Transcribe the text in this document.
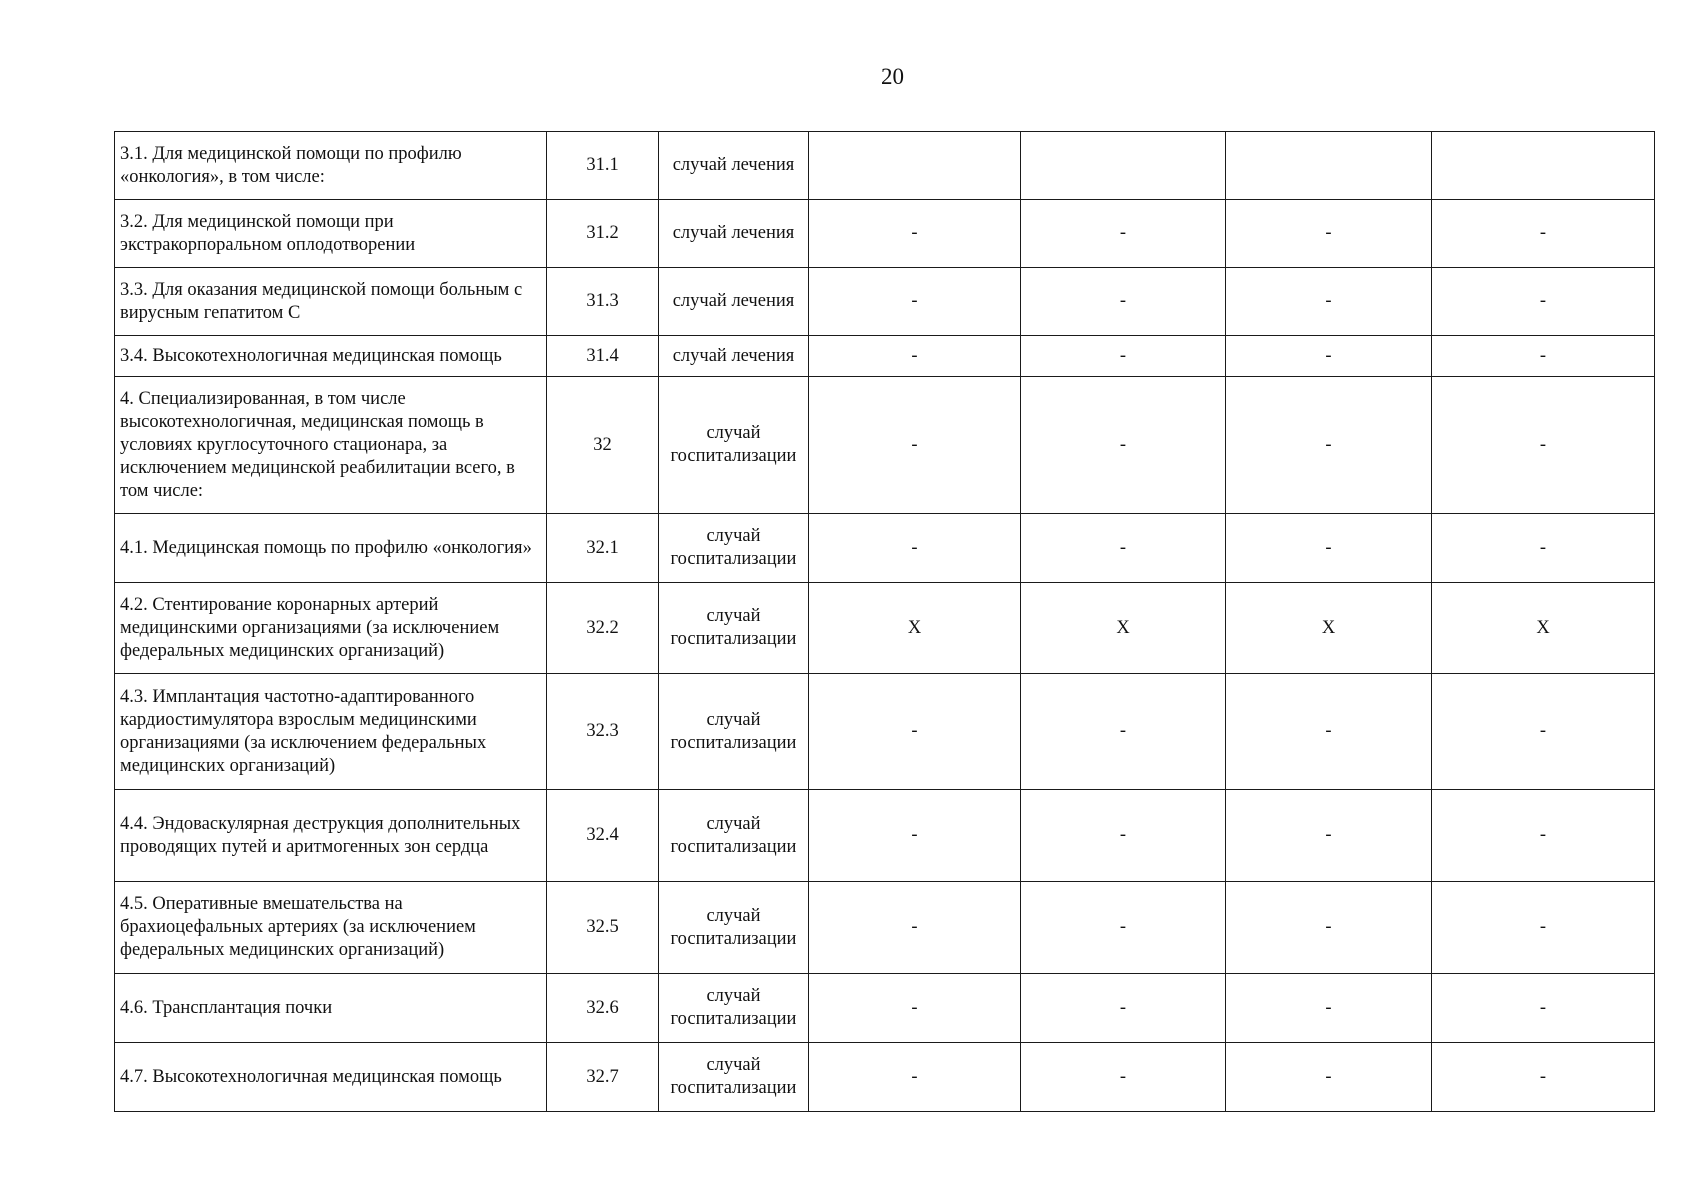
20
3.1. Для медицинской помощи по профилю «онкология», в том числе:	31.1	случай лечения				
3.2. Для медицинской помощи при экстракорпоральном оплодотворении	31.2	случай лечения	-	-	-	-
3.3. Для оказания медицинской помощи больным с вирусным гепатитом С	31.3	случай лечения	-	-	-	-
3.4. Высокотехнологичная медицинская помощь	31.4	случай лечения	-	-	-	-
4. Специализированная, в том числе высокотехнологичная, медицинская помощь в условиях круглосуточного стационара, за исключением медицинской реабилитации всего, в том числе:	32	случай госпитализации	-	-	-	-
4.1. Медицинская помощь по профилю «онкология»	32.1	случай госпитализации	-	-	-	-
4.2. Стентирование коронарных артерий медицинскими организациями (за исключением федеральных медицинских организаций)	32.2	случай госпитализации	X	X	X	X
4.3. Имплантация частотно-адаптированного кардиостимулятора взрослым медицинскими организациями (за исключением федеральных медицинских организаций)	32.3	случай госпитализации	-	-	-	-
4.4. Эндоваскулярная деструкция дополнительных проводящих путей и аритмогенных зон сердца	32.4	случай госпитализации	-	-	-	-
4.5. Оперативные вмешательства на брахиоцефальных артериях (за исключением федеральных медицинских организаций)	32.5	случай госпитализации	-	-	-	-
4.6. Трансплантация почки	32.6	случай госпитализации	-	-	-	-
4.7. Высокотехнологичная медицинская помощь	32.7	случай госпитализации	-	-	-	-
